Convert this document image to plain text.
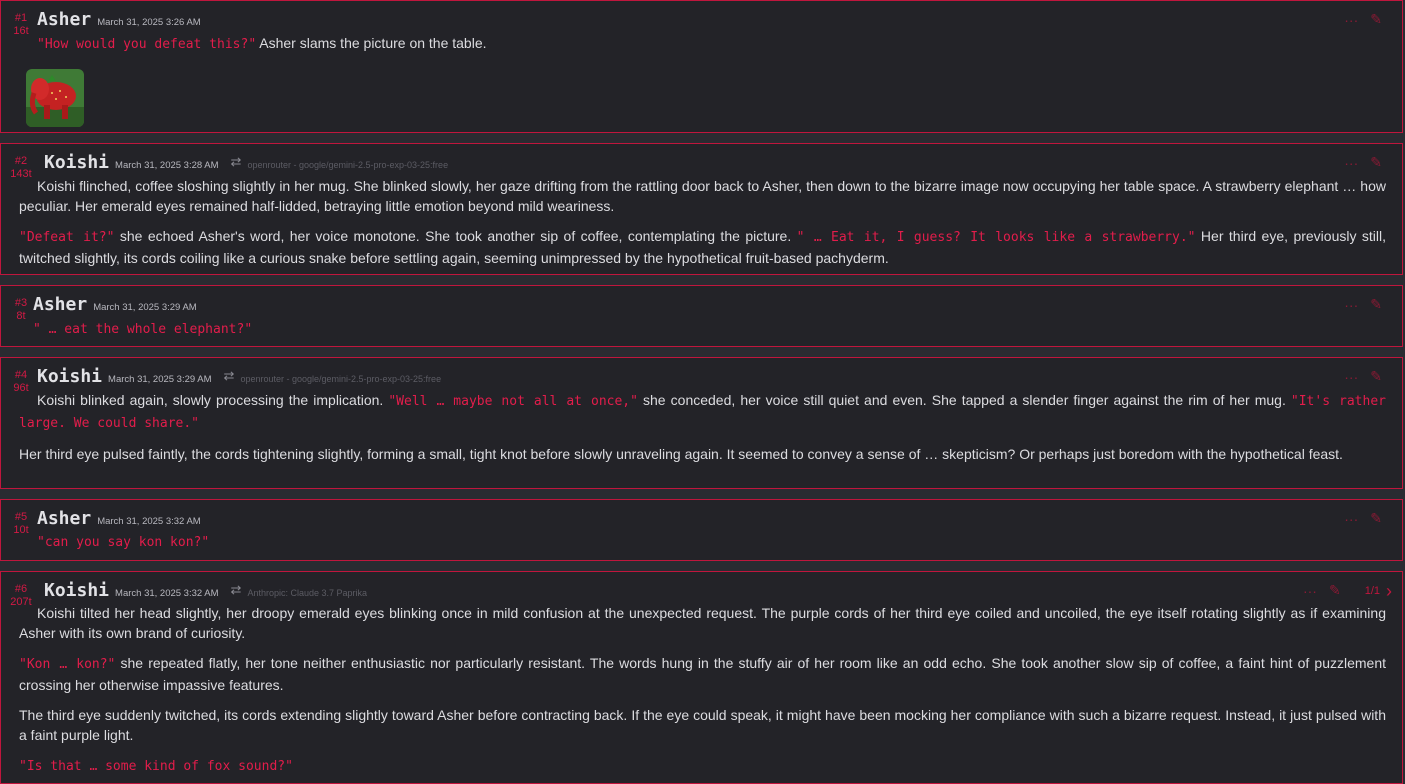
#1
16t
Asher March 31, 2025 3:26 AM	··· ✎

"How would you defeat this?" Asher slams the picture on the table.

#2
143t
Koishi March 31, 2025 3:28 AM ⇄ openrouter - google/gemini-2.5-pro-exp-03-25:free	··· ✎

Koishi flinched, coffee sloshing slightly in her mug. She blinked slowly, her gaze drifting from the rattling door back to Asher, then down to the bizarre image now occupying her table space. A strawberry elephant … how peculiar. Her emerald eyes remained half-lidded, betraying little emotion beyond mild weariness.

"Defeat it?" she echoed Asher's word, her voice monotone. She took another sip of coffee, contemplating the picture. " … Eat it, I guess? It looks like a strawberry." Her third eye, previously still, twitched slightly, its cords coiling like a curious snake before settling again, seeming unimpressed by the hypothetical fruit-based pachyderm.

#3
8t
Asher March 31, 2025 3:29 AM	··· ✎

" … eat the whole elephant?"

#4
96t
Koishi March 31, 2025 3:29 AM ⇄ openrouter - google/gemini-2.5-pro-exp-03-25:free	··· ✎

Koishi blinked again, slowly processing the implication. "Well … maybe not all at once," she conceded, her voice still quiet and even. She tapped a slender finger against the rim of her mug. "It's rather large. We could share."

Her third eye pulsed faintly, the cords tightening slightly, forming a small, tight knot before slowly unraveling again. It seemed to convey a sense of … skepticism? Or perhaps just boredom with the hypothetical feast.

#5
10t
Asher March 31, 2025 3:32 AM	··· ✎

"can you say kon kon?"

#6
207t
Koishi March 31, 2025 3:32 AM ⇄ Anthropic: Claude 3.7 Paprika	··· ✎ 1/1 ›

Koishi tilted her head slightly, her droopy emerald eyes blinking once in mild confusion at the unexpected request. The purple cords of her third eye coiled and uncoiled, the eye itself rotating slightly as if examining Asher with its own brand of curiosity.

"Kon … kon?" she repeated flatly, her tone neither enthusiastic nor particularly resistant. The words hung in the stuffy air of her room like an odd echo. She took another slow sip of coffee, a faint hint of puzzlement crossing her otherwise impassive features.

The third eye suddenly twitched, its cords extending slightly toward Asher before contracting back. If the eye could speak, it might have been mocking her compliance with such a bizarre request. Instead, it just pulsed with a faint purple light.

"Is that … some kind of fox sound?"
